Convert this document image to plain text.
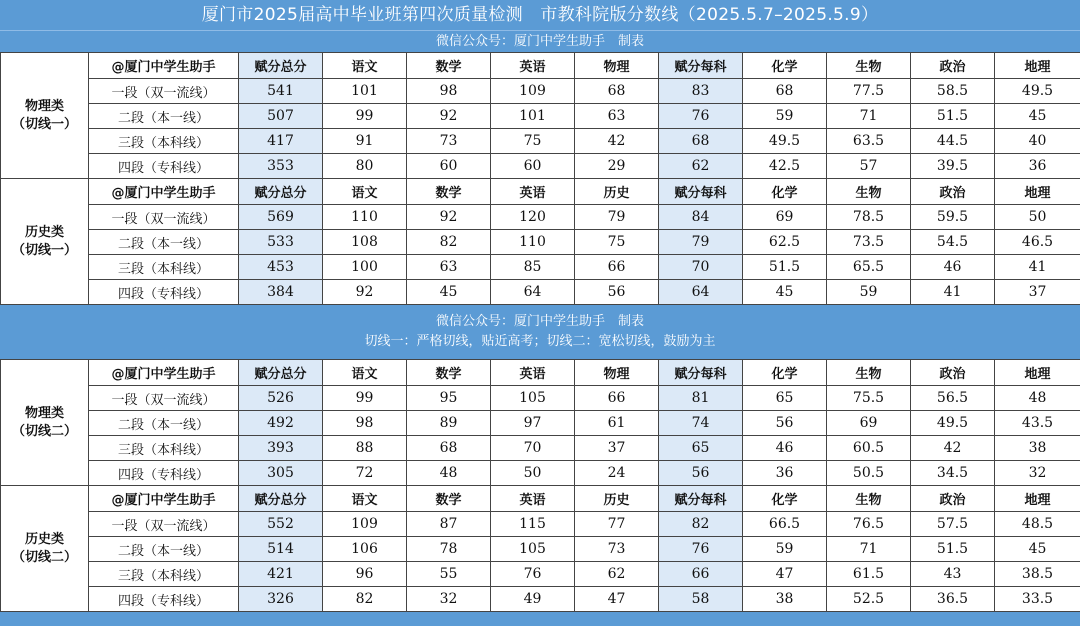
厦门市2025届高中毕业班第四次质量检测　市教科院版分数线（2025.5.7–2025.5.9）
微信公众号：厦门中学生助手　制表
物理类
（切线一）	@厦门中学生助手	赋分总分	语文	数学	英语	物理	赋分每科	化学	生物	政治	地理
	一段（双一流线）	541	101	98	109	68	83	68	77.5	58.5	49.5
	二段（本一线）	507	99	92	101	63	76	59	71	51.5	45
	三段（本科线）	417	91	73	75	42	68	49.5	63.5	44.5	40
	四段（专科线）	353	80	60	60	29	62	42.5	57	39.5	36
历史类
（切线一）	@厦门中学生助手	赋分总分	语文	数学	英语	历史	赋分每科	化学	生物	政治	地理
	一段（双一流线）	569	110	92	120	79	84	69	78.5	59.5	50
	二段（本一线）	533	108	82	110	75	79	62.5	73.5	54.5	46.5
	三段（本科线）	453	100	63	85	66	70	51.5	65.5	46	41
	四段（专科线）	384	92	45	64	56	64	45	59	41	37
微信公众号：厦门中学生助手　制表
切线一：严格切线，贴近高考；切线二：宽松切线，鼓励为主
物理类
（切线二）	@厦门中学生助手	赋分总分	语文	数学	英语	物理	赋分每科	化学	生物	政治	地理
	一段（双一流线）	526	99	95	105	66	81	65	75.5	56.5	48
	二段（本一线）	492	98	89	97	61	74	56	69	49.5	43.5
	三段（本科线）	393	88	68	70	37	65	46	60.5	42	38
	四段（专科线）	305	72	48	50	24	56	36	50.5	34.5	32
历史类
（切线二）	@厦门中学生助手	赋分总分	语文	数学	英语	历史	赋分每科	化学	生物	政治	地理
	一段（双一流线）	552	109	87	115	77	82	66.5	76.5	57.5	48.5
	二段（本一线）	514	106	78	105	73	76	59	71	51.5	45
	三段（本科线）	421	96	55	76	62	66	47	61.5	43	38.5
	四段（专科线）	326	82	32	49	47	58	38	52.5	36.5	33.5
